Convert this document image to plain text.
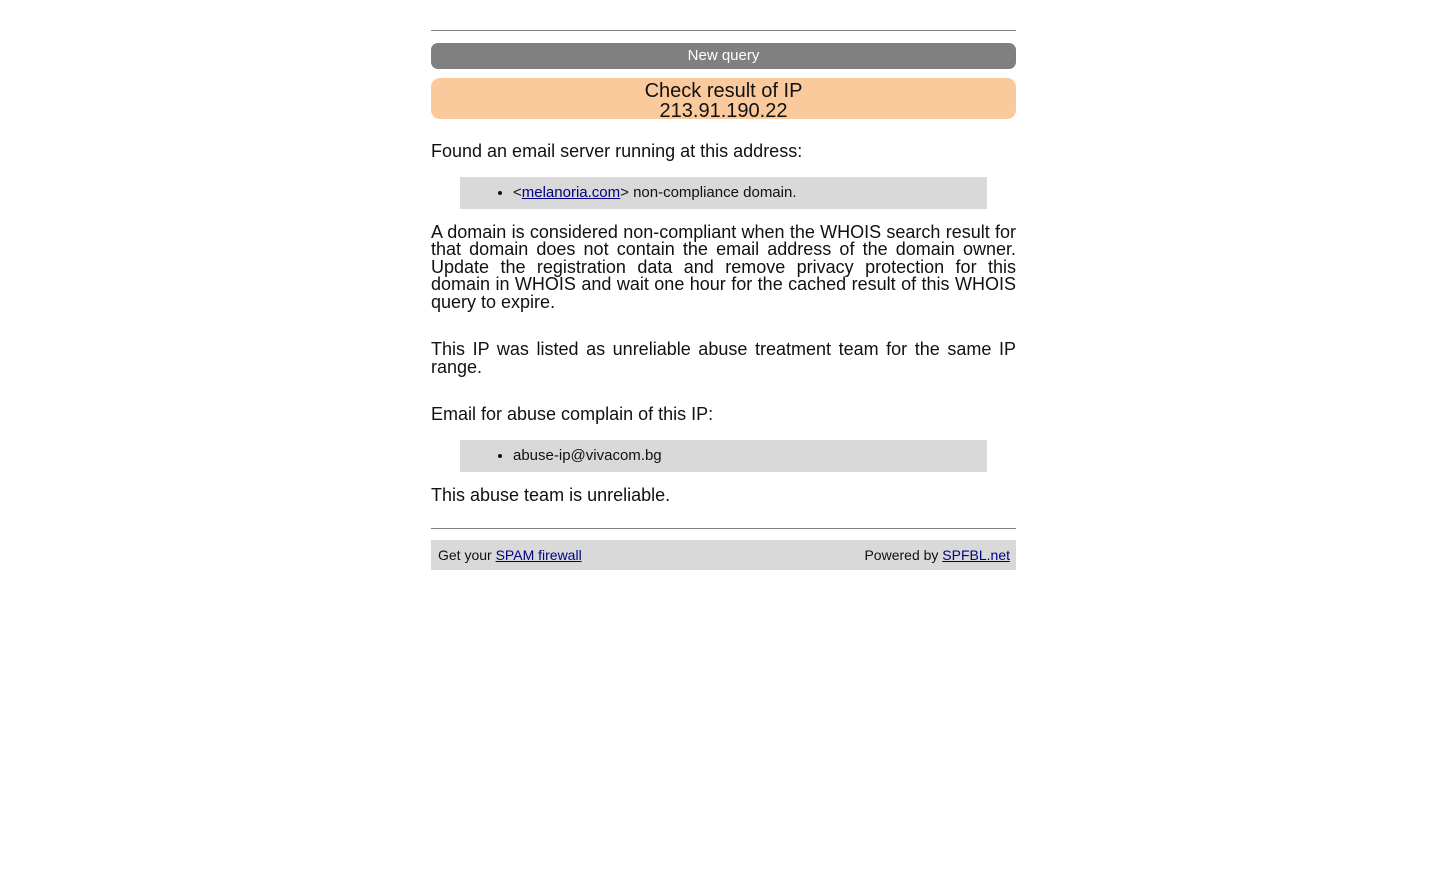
New query
Check result of IP
213.91.190.22

Found an email server running at this address:

• <melanoria.com> non-compliance domain.

A domain is considered non-compliant when the WHOIS search result for that domain does not contain the email address of the domain owner. Update the registration data and remove privacy protection for this domain in WHOIS and wait one hour for the cached result of this WHOIS query to expire.

This IP was listed as unreliable abuse treatment team for the same IP range.

Email for abuse complain of this IP:

• abuse-ip@vivacom.bg

This abuse team is unreliable.

Get your SPAM firewall	Powered by SPFBL.net
